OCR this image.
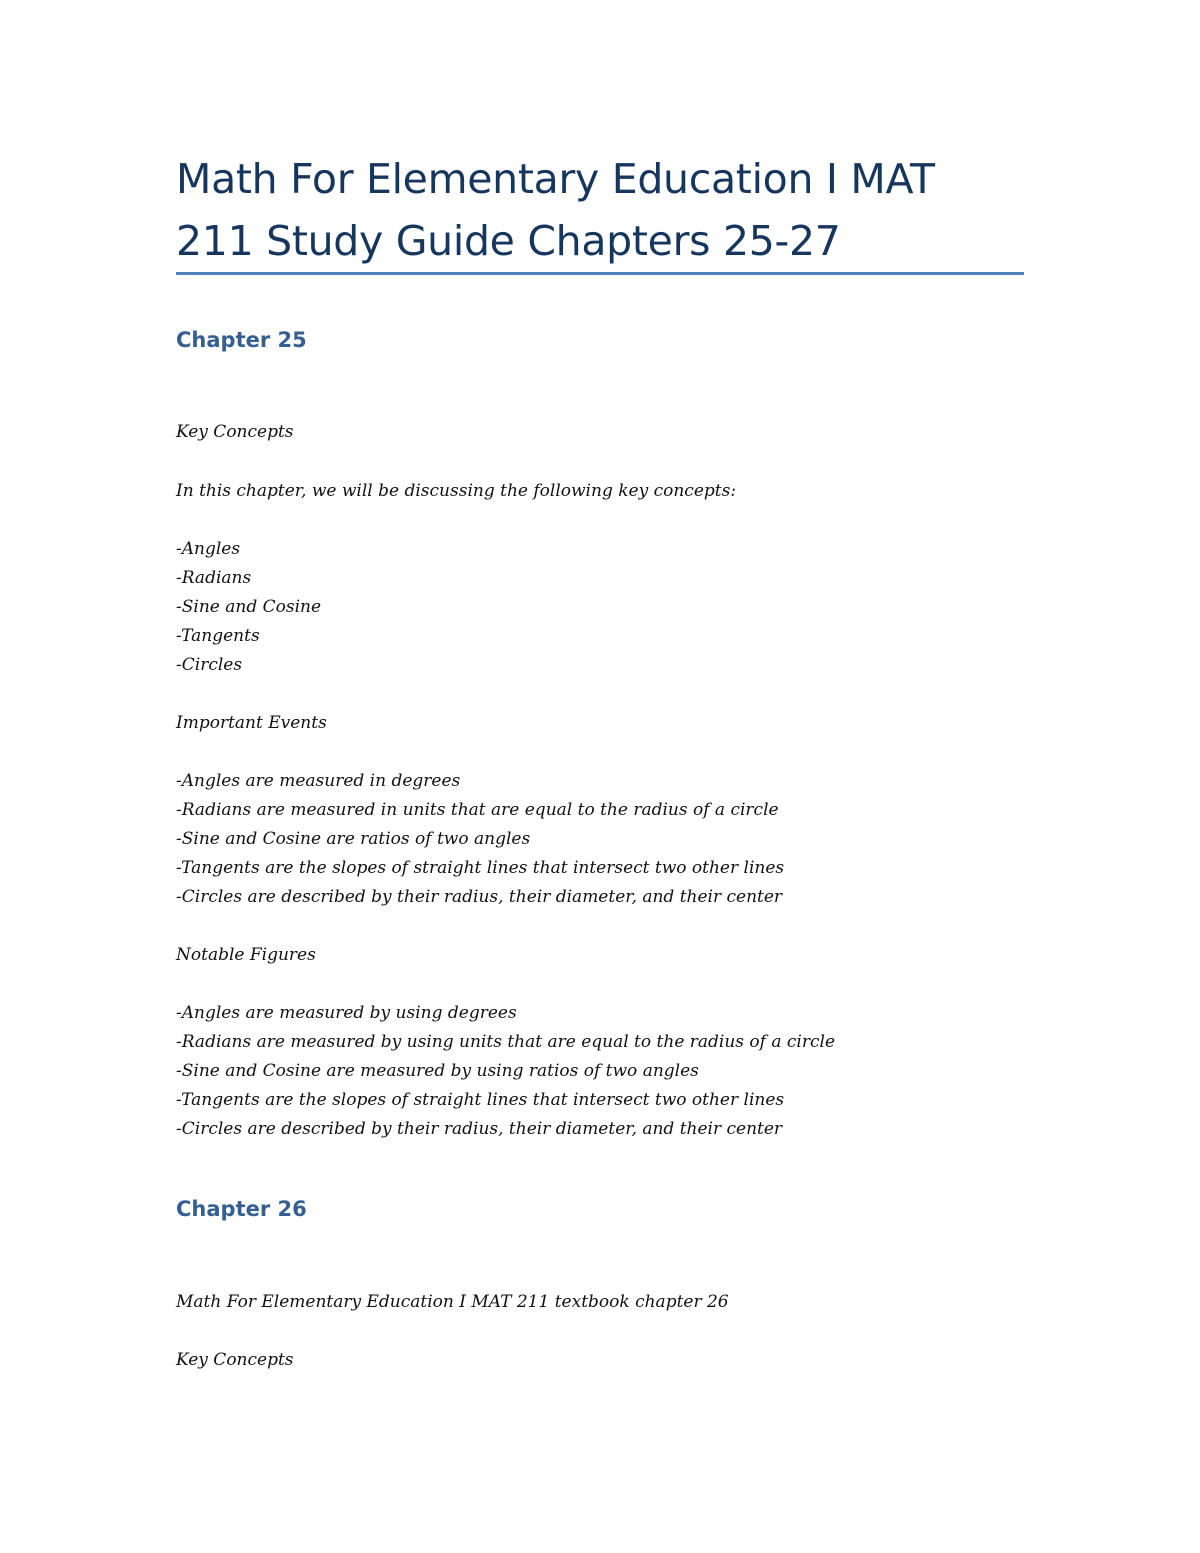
Math For Elementary Education I MAT
211 Study Guide Chapters 25-27
Chapter 25

Key Concepts

In this chapter, we will be discussing the following key concepts:

-Angles

-Radians

-Sine and Cosine

-Tangents

-Circles

Important Events

-Angles are measured in degrees

-Radians are measured in units that are equal to the radius of a circle

-Sine and Cosine are ratios of two angles

-Tangents are the slopes of straight lines that intersect two other lines

-Circles are described by their radius, their diameter, and their center

Notable Figures

-Angles are measured by using degrees

-Radians are measured by using units that are equal to the radius of a circle

-Sine and Cosine are measured by using ratios of two angles

-Tangents are the slopes of straight lines that intersect two other lines

-Circles are described by their radius, their diameter, and their center

Chapter 26

Math For Elementary Education I MAT 211 textbook chapter 26

Key Concepts
